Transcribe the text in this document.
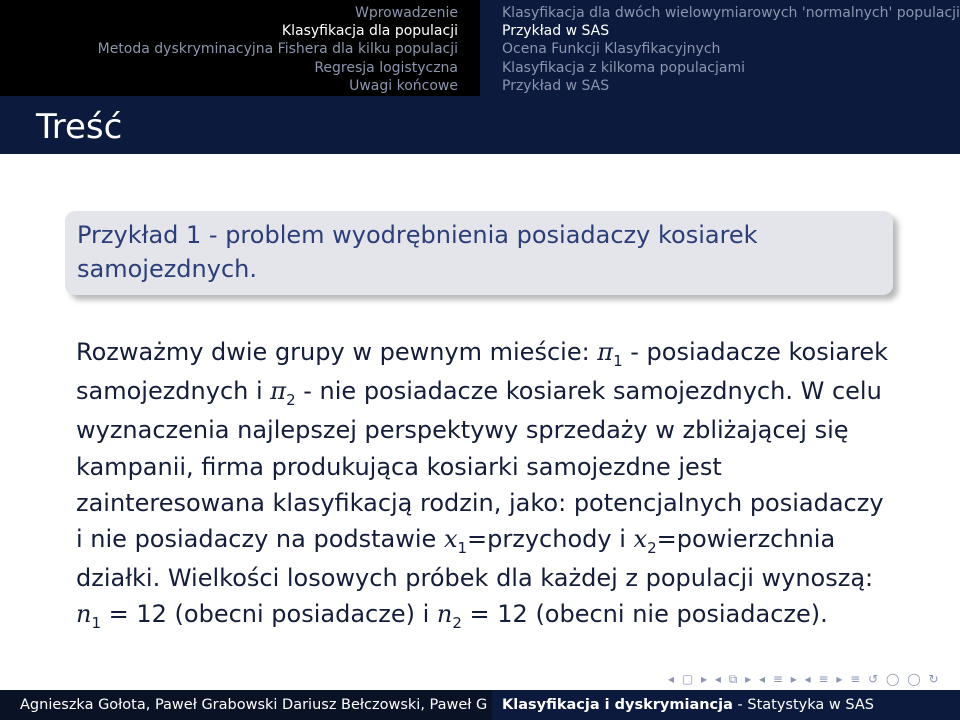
Wprowadzenie
Klasyfikacja dla populacji
Metoda dyskryminacyjna Fishera dla kilku populacji
Regresja logistyczna
Uwagi końcowe
Klasyfikacja dla dwóch wielowymiarowych 'normalnych' populacji
Przykład w SAS
Ocena Funkcji Klasyfikacyjnych
Klasyfikacja z kilkoma populacjami
Przykład w SAS
Treść
Przykład 1 - problem wyodrębnienia posiadaczy kosiarek
samojezdnych.
Rozważmy dwie grupy w pewnym mieście: $\pi_1$ - posiadacze kosiarek
samojezdnych i $\pi_2$ - nie posiadacze kosiarek samojezdnych. W celu
wyznaczenia najlepszej perspektywy sprzedaży w zbliżającej się
kampanii, firma produkująca kosiarki samojezdne jest
zainteresowana klasyfikacją rodzin, jako: potencjalnych posiadaczy
i nie posiadaczy na podstawie $x_1=przychody$ i $x_2=powierzchnia$
działki. Wielkości losowych próbek dla każdej z populacji wynoszą:
$n_1 = 12$ (obecni posiadacze) i $n_2 = 12$ (obecni nie posiadacze).
◂ ▢ ▸ ◂ ⧉ ▸ ◂ ≡ ▸ ◂ ≡ ▸ ≡ ↺ ◯ ◯ ↻
Agnieszka Gołota, Paweł Grabowski Dariusz Bełczowski, Paweł G	Klasyfikacja i dyskrymiancja - Statystyka w SAS
